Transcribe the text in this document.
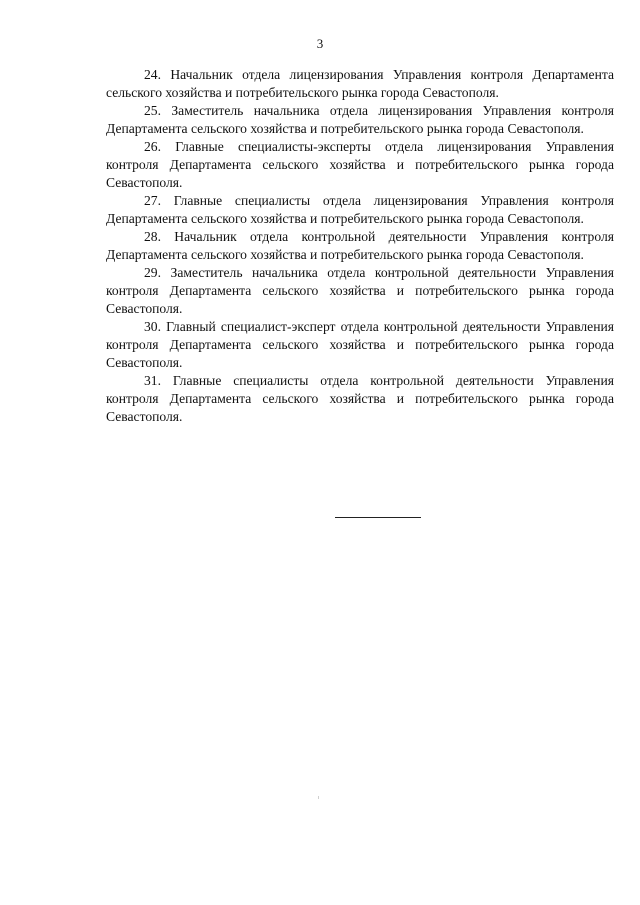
3

24. Начальник отдела лицензирования Управления контроля Департамента сельского хозяйства и потребительского рынка города Севастополя.

25. Заместитель начальника отдела лицензирования Управления контроля Департамента сельского хозяйства и потребительского рынка города Севастополя.

26. Главные специалисты-эксперты отдела лицензирования Управления контроля Департамента сельского хозяйства и потребительского рынка города Севастополя.

27. Главные специалисты отдела лицензирования Управления контроля Департамента сельского хозяйства и потребительского рынка города Севастополя.

28. Начальник отдела контрольной деятельности Управления контроля Департамента сельского хозяйства и потребительского рынка города Севастополя.

29. Заместитель начальника отдела контрольной деятельности Управления контроля Департамента сельского хозяйства и потребительского рынка города Севастополя.

30. Главный специалист-эксперт отдела контрольной деятельности Управления контроля Департамента сельского хозяйства и потребительского рынка города Севастополя.

31. Главные специалисты отдела контрольной деятельности Управления контроля Департамента сельского хозяйства и потребительского рынка города Севастополя.
